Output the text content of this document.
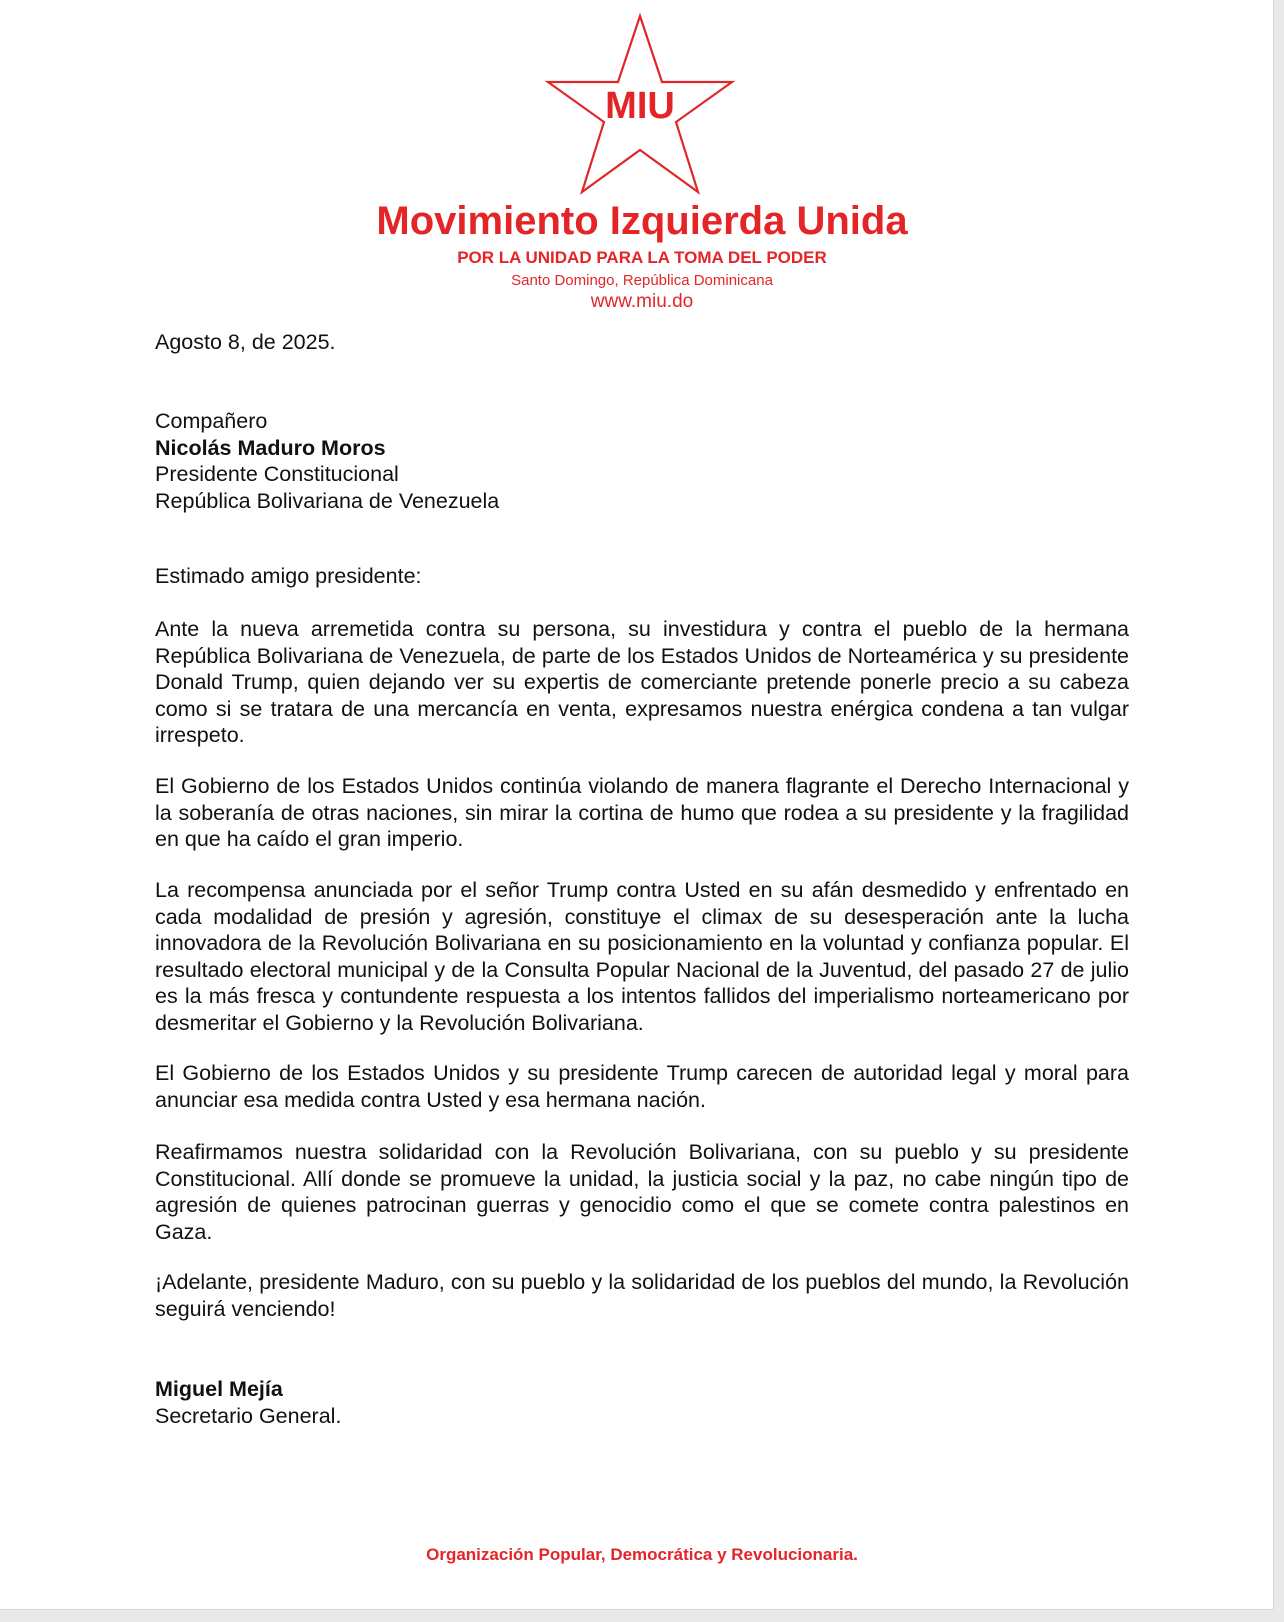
MIU
Movimiento Izquierda Unida
POR LA UNIDAD PARA LA TOMA DEL PODER
Santo Domingo, República Dominicana
www.miu.do
Agosto 8, de 2025.
Compañero
Nicolás Maduro Moros
Presidente Constitucional
República Bolivariana de Venezuela
Estimado amigo presidente:
Ante la nueva arremetida contra su persona, su investidura y contra el pueblo de la hermana República Bolivariana de Venezuela, de parte de los Estados Unidos de Norteamérica y su presidente Donald Trump, quien dejando ver su expertis de comerciante pretende ponerle precio a su cabeza como si se tratara de una mercancía en venta, expresamos nuestra enérgica condena a tan vulgar irrespeto.
El Gobierno de los Estados Unidos continúa violando de manera flagrante el Derecho Internacional y la soberanía de otras naciones, sin mirar la cortina de humo que rodea a su presidente y la fragilidad en que ha caído el gran imperio.
La recompensa anunciada por el señor Trump contra Usted en su afán desmedido y enfrentado en cada modalidad de presión y agresión, constituye el climax de su desesperación ante la lucha innovadora de la Revolución Bolivariana en su posicionamiento en la voluntad y confianza popular. El resultado electoral municipal y de la Consulta Popular Nacional de la Juventud, del pasado 27 de julio es la más fresca y contundente respuesta a los intentos fallidos del imperialismo norteamericano por desmeritar el Gobierno y la Revolución Bolivariana.
El Gobierno de los Estados Unidos y su presidente Trump carecen de autoridad legal y moral para anunciar esa medida contra Usted y esa hermana nación.
Reafirmamos nuestra solidaridad con la Revolución Bolivariana, con su pueblo y su presidente Constitucional. Allí donde se promueve la unidad, la justicia social y la paz, no cabe ningún tipo de agresión de quienes patrocinan guerras y genocidio como el que se comete contra palestinos en Gaza.
¡Adelante, presidente Maduro, con su pueblo y la solidaridad de los pueblos del mundo, la Revolución seguirá venciendo!
Miguel Mejía
Secretario General.
Organización Popular, Democrática y Revolucionaria.
